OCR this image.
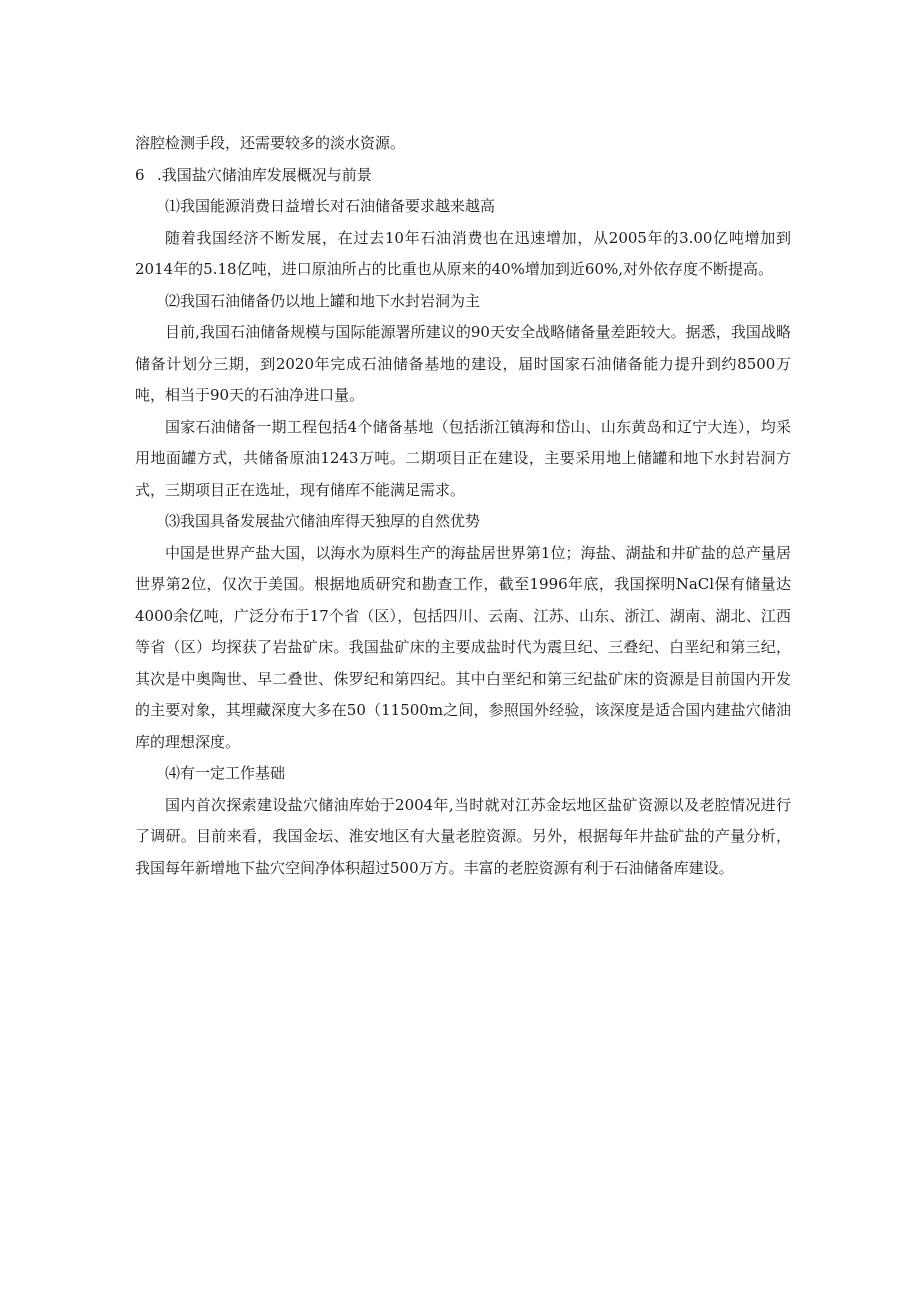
溶腔检测手段，还需要较多的淡水资源。

6 .我国盐穴储油库发展概况与前景

⑴我国能源消费日益增长对石油储备要求越来越高

随着我国经济不断发展，在过去10年石油消费也在迅速增加，从2005年的3.00亿吨增加到2014年的5.18亿吨，进口原油所占的比重也从原来的40%增加到近60%,对外依存度不断提高。

⑵我国石油储备仍以地上罐和地下水封岩洞为主

目前,我国石油储备规模与国际能源署所建议的90天安全战略储备量差距较大。据悉，我国战略储备计划分三期，到2020年完成石油储备基地的建设，届时国家石油储备能力提升到约8500万吨，相当于90天的石油净进口量。

国家石油储备一期工程包括4个储备基地（包括浙江镇海和岱山、山东黄岛和辽宁大连），均采用地面罐方式，共储备原油1243万吨。二期项目正在建设，主要采用地上储罐和地下水封岩洞方式，三期项目正在选址，现有储库不能满足需求。

⑶我国具备发展盐穴储油库得天独厚的自然优势

中国是世界产盐大国，以海水为原料生产的海盐居世界第1位；海盐、湖盐和井矿盐的总产量居世界第2位，仅次于美国。根据地质研究和勘查工作，截至1996年底，我国探明NaCl保有储量达4000余亿吨，广泛分布于17个省（区），包括四川、云南、江苏、山东、浙江、湖南、湖北、江西等省（区）均探获了岩盐矿床。我国盐矿床的主要成盐时代为震旦纪、三叠纪、白垩纪和第三纪，其次是中奥陶世、早二叠世、侏罗纪和第四纪。其中白垩纪和第三纪盐矿床的资源是目前国内开发的主要对象，其埋藏深度大多在50（11500m之间，参照国外经验，该深度是适合国内建盐穴储油库的理想深度。

⑷有一定工作基础

国内首次探索建设盐穴储油库始于2004年,当时就对江苏金坛地区盐矿资源以及老腔情况进行了调研。目前来看，我国金坛、淮安地区有大量老腔资源。另外，根据每年井盐矿盐的产量分析，我国每年新增地下盐穴空间净体积超过500万方。丰富的老腔资源有利于石油储备库建设。
